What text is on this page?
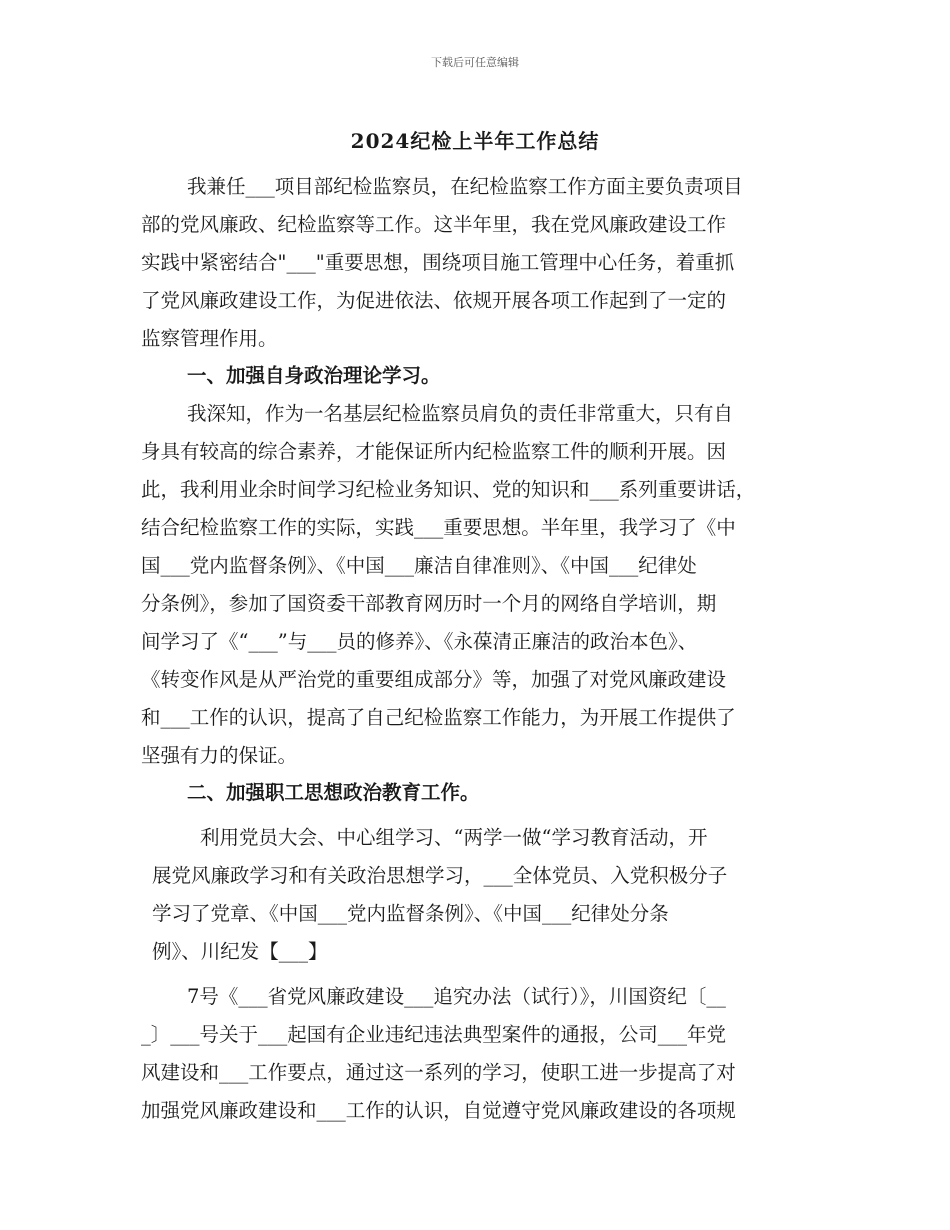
下载后可任意编辑
2024纪检上半年工作总结
我兼任___项目部纪检监察员，在纪检监察工作方面主要负责项目
部的党风廉政、纪检监察等工作。这半年里，我在党风廉政建设工作
实践中紧密结合"___"重要思想，围绕项目施工管理中心任务，着重抓
了党风廉政建设工作，为促进依法、依规开展各项工作起到了一定的
监察管理作用。
一、加强自身政治理论学习。
我深知，作为一名基层纪检监察员肩负的责任非常重大，只有自
身具有较高的综合素养，才能保证所内纪检监察工件的顺利开展。因
此，我利用业余时间学习纪检业务知识、党的知识和___系列重要讲话，
结合纪检监察工作的实际，实践___重要思想。半年里，我学习了《中
国___党内监督条例》、《中国___廉洁自律准则》、《中国___纪律处
分条例》，参加了国资委干部教育网历时一个月的网络自学培训，期
间学习了《“___”与___员的修养》、《永葆清正廉洁的政治本色》、
《转变作风是从严治党的重要组成部分》等，加强了对党风廉政建设
和___工作的认识，提高了自己纪检监察工作能力，为开展工作提供了
坚强有力的保证。
二、加强职工思想政治教育工作。
利用党员大会、中心组学习、“两学一做“学习教育活动，开
展党风廉政学习和有关政治思想学习，___全体党员、入党积极分子
学习了党章、《中国___党内监督条例》、《中国___纪律处分条
例》、川纪发【___】
7号《___省党风廉政建设___追究办法（试行）》，川国资纪〔__
_〕___号关于___起国有企业违纪违法典型案件的通报，公司___年党
风建设和___工作要点，通过这一系列的学习，使职工进一步提高了对
加强党风廉政建设和___工作的认识，自觉遵守党风廉政建设的各项规
